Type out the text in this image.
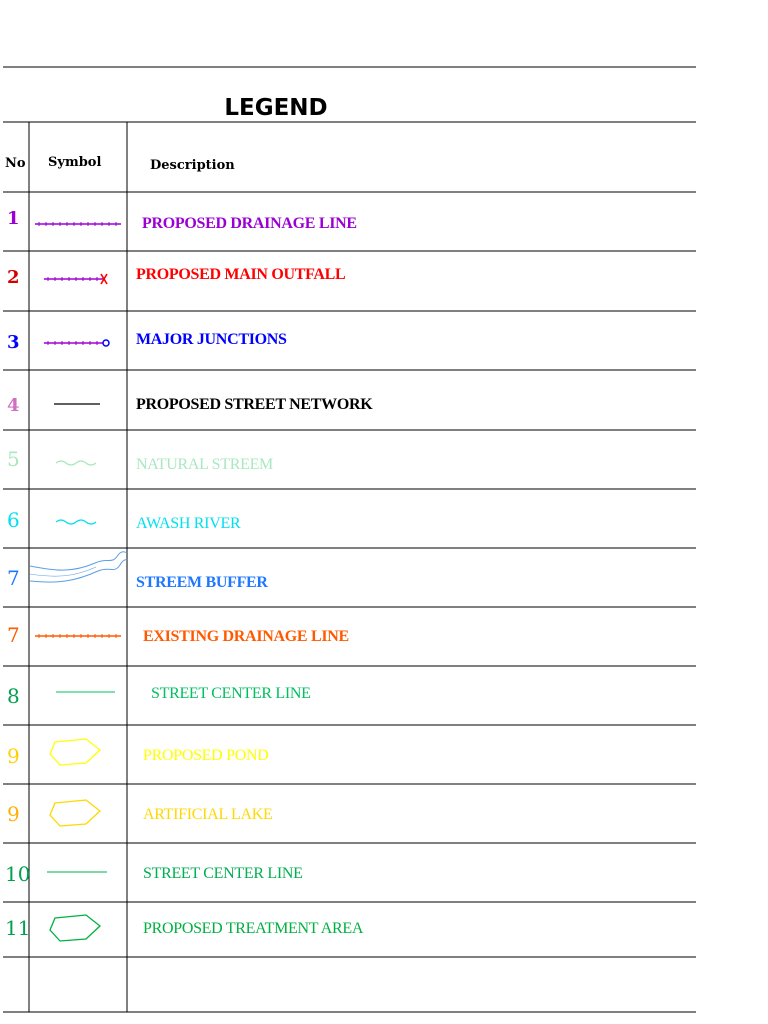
LEGEND
No Symbol	Description
1	PROPOSED DRAINAGE LINE
2	PROPOSED MAIN OUTFALL
3	MAJOR JUNCTIONS
4	PROPOSED STREET NETWORK
5	NATURAL STREEM
6	AWASH RIVER
7	STREEM BUFFER
7	EXISTING DRAINAGE LINE
8	STREET CENTER LINE
9	PROPOSED POND
9	ARTIFICIAL LAKE
10	STREET CENTER LINE
11	PROPOSED TREATMENT AREA
